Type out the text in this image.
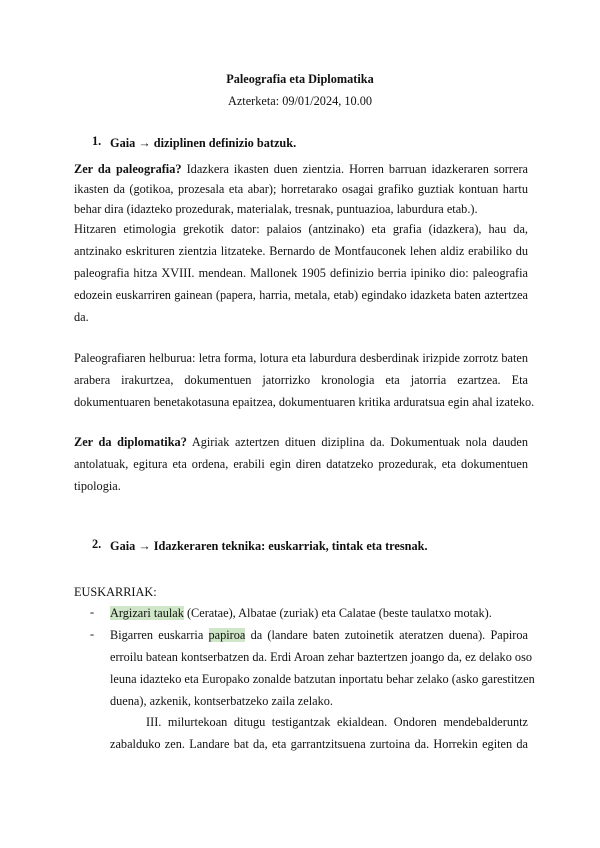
Paleografia eta Diplomatika
Azterketa: 09/01/2024, 10.00
1. Gaia → diziplinen definizio batzuk.
Zer da paleografia? Idazkera ikasten duen zientzia. Horren barruan idazkeraren sorrera
ikasten da (gotikoa, prozesala eta abar); horretarako osagai grafiko guztiak kontuan hartu
behar dira (idazteko prozedurak, materialak, tresnak, puntuazioa, laburdura etab.).
Hitzaren etimologia grekotik dator: palaios (antzinako) eta grafia (idazkera), hau da,
antzinako eskrituren zientzia litzateke. Bernardo de Montfauconek lehen aldiz erabiliko du
paleografia hitza XVIII. mendean. Mallonek 1905 definizio berria ipiniko dio: paleografia
edozein euskarriren gainean (papera, harria, metala, etab) egindako idazketa baten aztertzea
da.
Paleografiaren helburua: letra forma, lotura eta laburdura desberdinak irizpide zorrotz baten
arabera irakurtzea, dokumentuen jatorrizko kronologia eta jatorria ezartzea. Eta
dokumentuaren benetakotasuna epaitzea, dokumentuaren kritika arduratsua egin ahal izateko.
Zer da diplomatika? Agiriak aztertzen dituen diziplina da. Dokumentuak nola dauden
antolatuak, egitura eta ordena, erabili egin diren datatzeko prozedurak, eta dokumentuen
tipologia.
2. Gaia → Idazkeraren teknika: euskarriak, tintak eta tresnak.
EUSKARRIAK:
- Argizari taulak (Ceratae), Albatae (zuriak) eta Calatae (beste taulatxo motak).
- Bigarren euskarria papiroa da (landare baten zutoinetik ateratzen duena). Papiroa
erroilu batean kontserbatzen da. Erdi Aroan zehar baztertzen joango da, ez delako oso
leuna idazteko eta Europako zonalde batzutan inportatu behar zelako (asko garestitzen
duena), azkenik, kontserbatzeko zaila zelako.
III. milurtekoan ditugu testigantzak ekialdean. Ondoren mendebalderuntz
zabalduko zen. Landare bat da, eta garrantzitsuena zurtoina da. Horrekin egiten da
